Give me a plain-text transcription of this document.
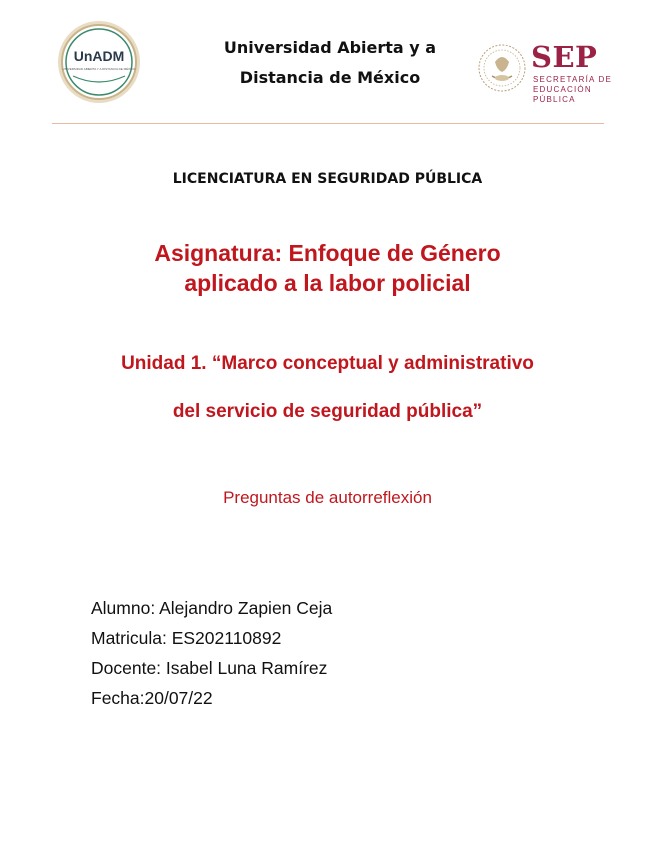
UnADM
UNIVERSIDAD ABIERTA Y A DISTANCIA DE MÉXICO
Universidad Abierta y a
Distancia de México
SEP
SECRETARÍA DE
EDUCACIÓN PÚBLICA
LICENCIATURA EN SEGURIDAD PÚBLICA
Asignatura: Enfoque de Género
aplicado a la labor policial
Unidad 1. “Marco conceptual y administrativo
del servicio de seguridad pública”
Preguntas de autorreflexión
Alumno: Alejandro Zapien Ceja
Matricula: ES202110892
Docente: Isabel Luna Ramírez
Fecha:20/07/22
